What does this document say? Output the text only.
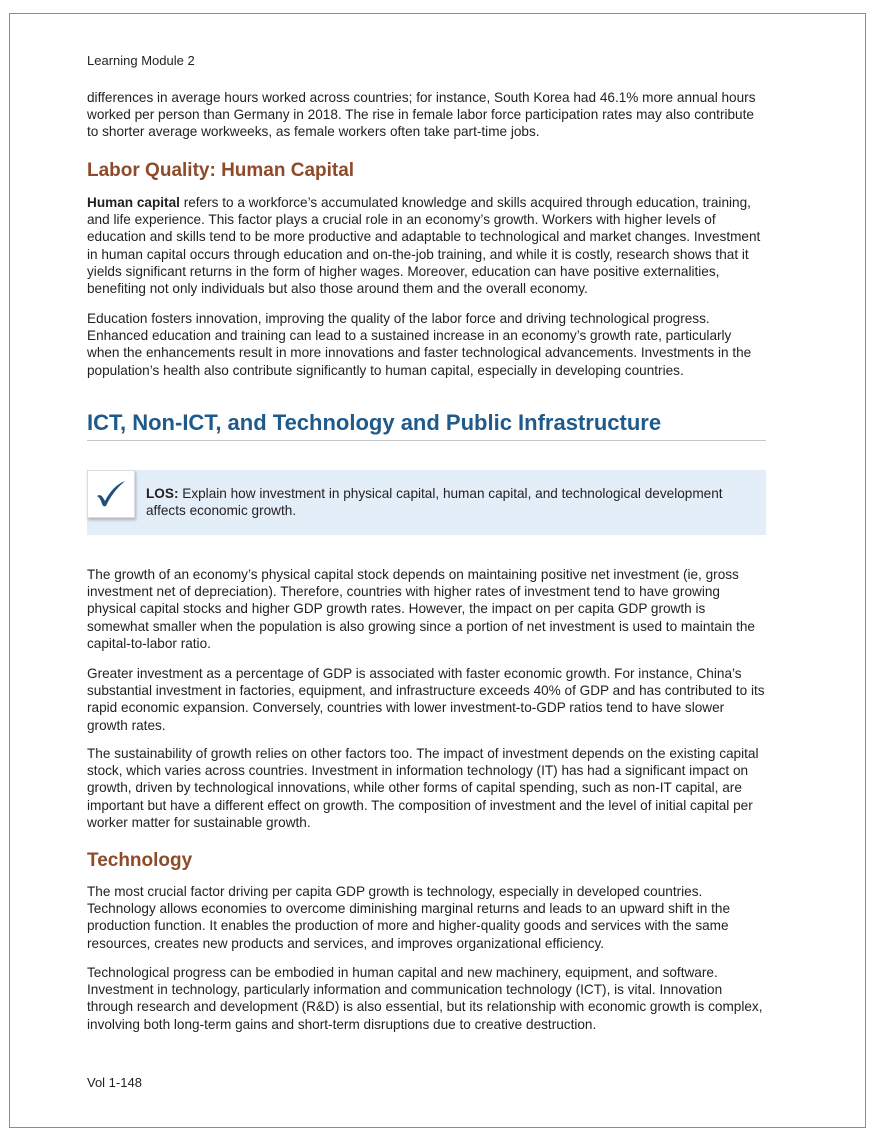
Learning Module 2

differences in average hours worked across countries; for instance, South Korea had 46.1% more annual hours worked per person than Germany in 2018. The rise in female labor force participation rates may also contribute to shorter average workweeks, as female workers often take part-time jobs.

Labor Quality: Human Capital

Human capital refers to a workforce’s accumulated knowledge and skills acquired through education, training, and life experience. This factor plays a crucial role in an economy’s growth. Workers with higher levels of education and skills tend to be more productive and adaptable to technological and market changes. Investment in human capital occurs through education and on-the-job training, and while it is costly, research shows that it yields significant returns in the form of higher wages. Moreover, education can have positive externalities, benefiting not only individuals but also those around them and the overall economy.

Education fosters innovation, improving the quality of the labor force and driving technological progress. Enhanced education and training can lead to a sustained increase in an economy’s growth rate, particularly when the enhancements result in more innovations and faster technological advancements. Investments in the population’s health also contribute significantly to human capital, especially in developing countries.

ICT, Non-ICT, and Technology and Public Infrastructure
LOS: Explain how investment in physical capital, human capital, and technological development affects economic growth.

The growth of an economy’s physical capital stock depends on maintaining positive net investment (ie, gross investment net of depreciation). Therefore, countries with higher rates of investment tend to have growing physical capital stocks and higher GDP growth rates. However, the impact on per capita GDP growth is somewhat smaller when the population is also growing since a portion of net investment is used to maintain the capital-to-labor ratio.

Greater investment as a percentage of GDP is associated with faster economic growth. For instance, China’s substantial investment in factories, equipment, and infrastructure exceeds 40% of GDP and has contributed to its rapid economic expansion. Conversely, countries with lower investment-to-GDP ratios tend to have slower growth rates.

The sustainability of growth relies on other factors too. The impact of investment depends on the existing capital stock, which varies across countries. Investment in information technology (IT) has had a significant impact on growth, driven by technological innovations, while other forms of capital spending, such as non-IT capital, are important but have a different effect on growth. The composition of investment and the level of initial capital per worker matter for sustainable growth.

Technology

The most crucial factor driving per capita GDP growth is technology, especially in developed countries. Technology allows economies to overcome diminishing marginal returns and leads to an upward shift in the production function. It enables the production of more and higher-quality goods and services with the same resources, creates new products and services, and improves organizational efficiency.

Technological progress can be embodied in human capital and new machinery, equipment, and software. Investment in technology, particularly information and communication technology (ICT), is vital. Innovation through research and development (R&D) is also essential, but its relationship with economic growth is complex, involving both long-term gains and short-term disruptions due to creative destruction.

Vol 1-148
